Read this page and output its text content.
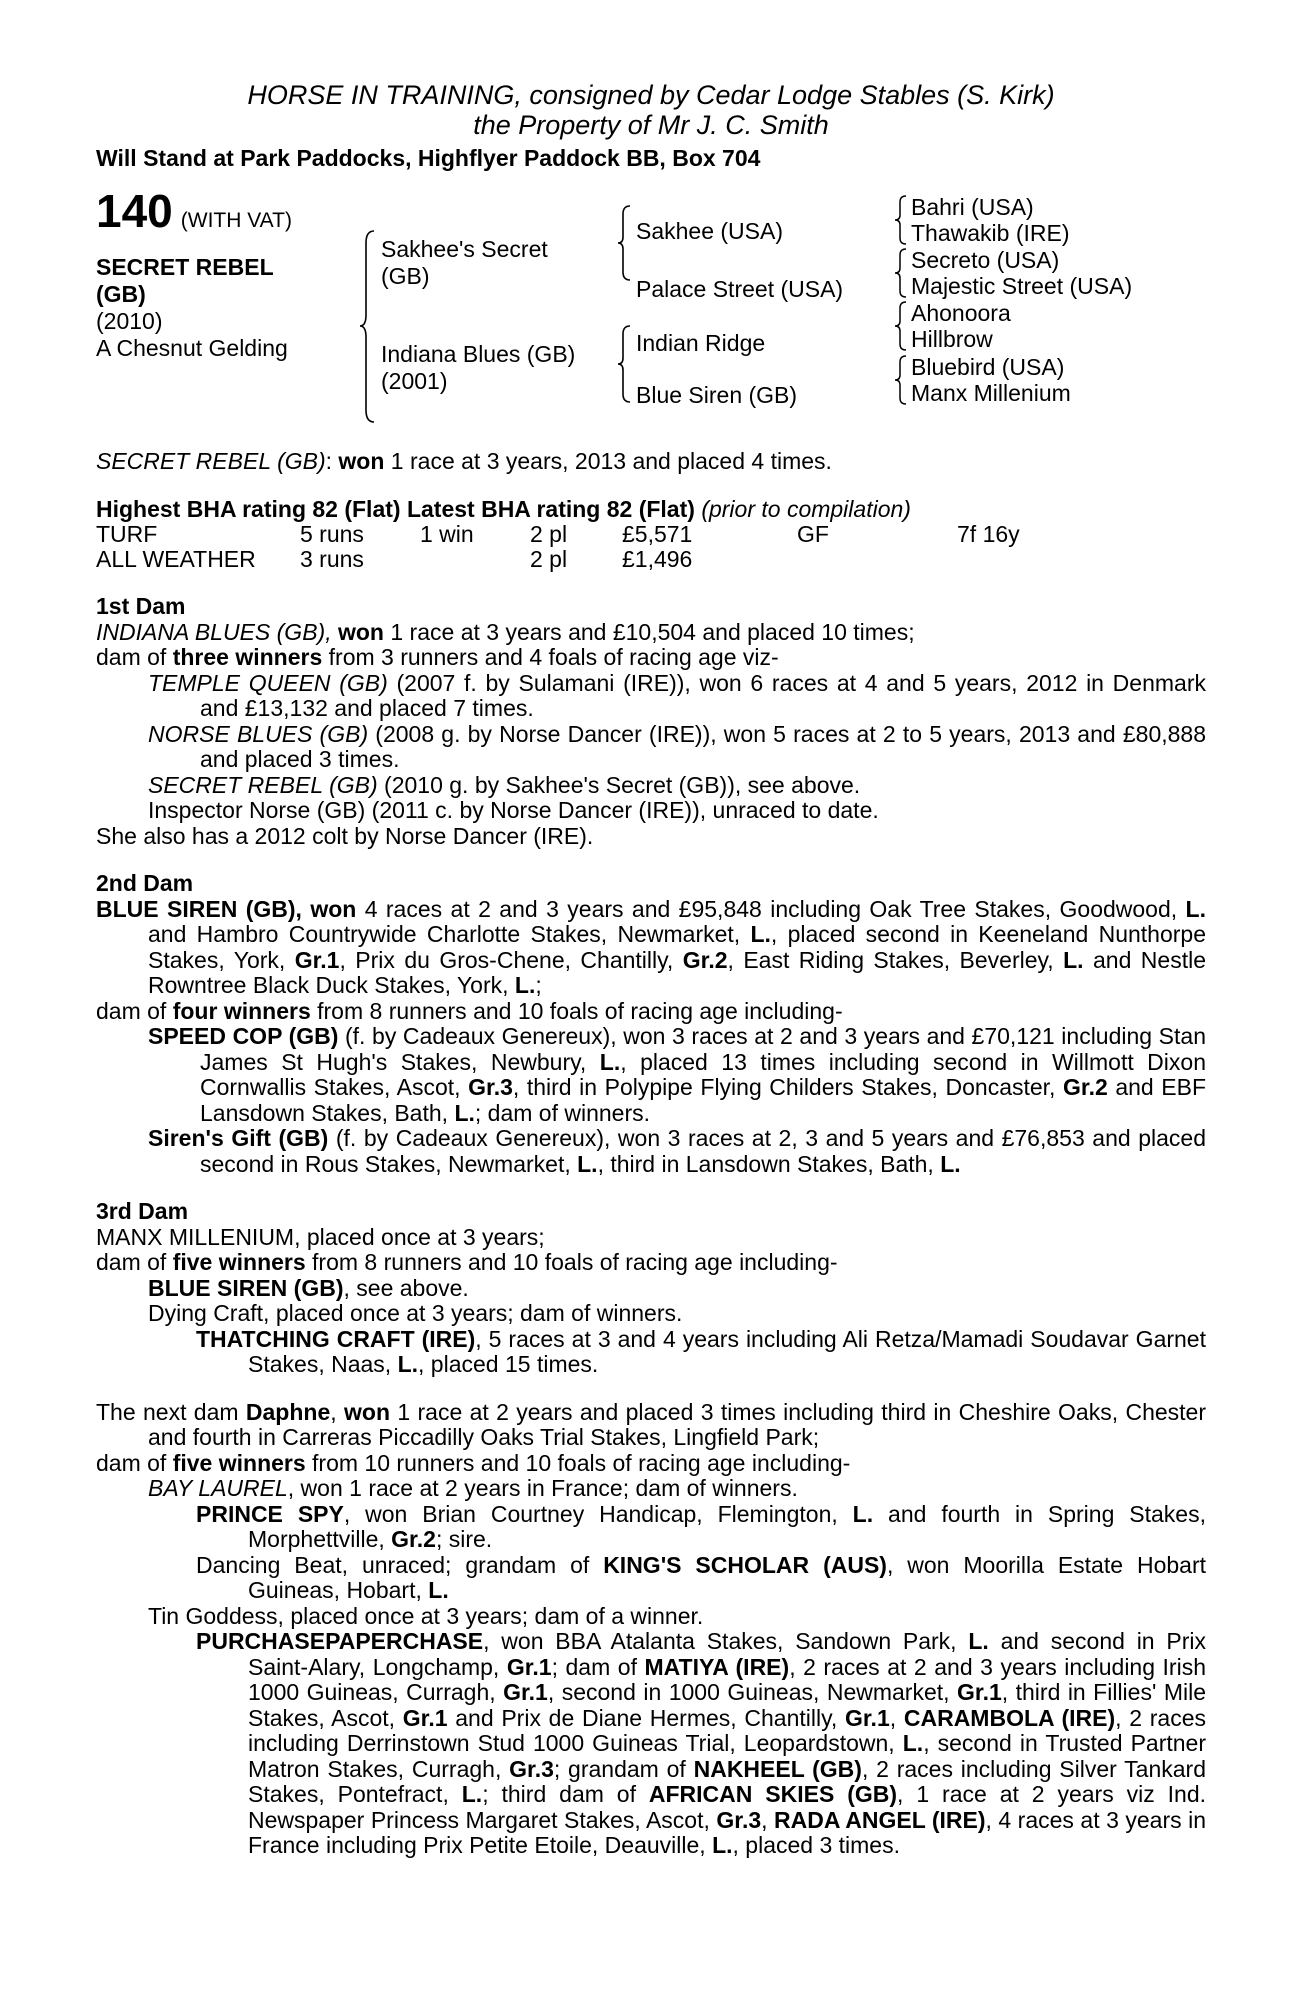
HORSE IN TRAINING, consigned by Cedar Lodge Stables (S. Kirk)
the Property of Mr J. C. Smith
Will Stand at Park Paddocks, Highflyer Paddock BB, Box 704
140 (WITH VAT)
SECRET REBEL
(GB)
(2010)
A Chesnut Gelding
Sakhee's Secret
(GB)
Indiana Blues (GB)
(2001)
Sakhee (USA)
Palace Street (USA)
Indian Ridge
Blue Siren (GB)
Bahri (USA)
Thawakib (IRE)
Secreto (USA)
Majestic Street (USA)
Ahonoora
Hillbrow
Bluebird (USA)
Manx Millenium

SECRET REBEL (GB): won 1 race at 3 years, 2013 and placed 4 times.

Highest BHA rating 82 (Flat) Latest BHA rating 82 (Flat) (prior to compilation)

TURF	5 runs	1 win	2 pl	£5,571	GF	7f 16y
ALL WEATHER	3 runs	2 pl	£1,496

1st Dam

INDIANA BLUES (GB), won 1 race at 3 years and £10,504 and placed 10 times;

dam of three winners from 3 runners and 4 foals of racing age viz-

TEMPLE QUEEN (GB) (2007 f. by Sulamani (IRE)), won 6 races at 4 and 5 years, 2012 in Denmark and £13,132 and placed 7 times.

NORSE BLUES (GB) (2008 g. by Norse Dancer (IRE)), won 5 races at 2 to 5 years, 2013 and £80,888 and placed 3 times.

SECRET REBEL (GB) (2010 g. by Sakhee's Secret (GB)), see above.

Inspector Norse (GB) (2011 c. by Norse Dancer (IRE)), unraced to date.

She also has a 2012 colt by Norse Dancer (IRE).

2nd Dam

BLUE SIREN (GB), won 4 races at 2 and 3 years and £95,848 including Oak Tree Stakes, Goodwood, L. and Hambro Countrywide Charlotte Stakes, Newmarket, L., placed second in Keeneland Nunthorpe Stakes, York, Gr.1, Prix du Gros-Chene, Chantilly, Gr.2, East Riding Stakes, Beverley, L. and Nestle Rowntree Black Duck Stakes, York, L.;

dam of four winners from 8 runners and 10 foals of racing age including-

SPEED COP (GB) (f. by Cadeaux Genereux), won 3 races at 2 and 3 years and £70,121 including Stan James St Hugh's Stakes, Newbury, L., placed 13 times including second in Willmott Dixon Cornwallis Stakes, Ascot, Gr.3, third in Polypipe Flying Childers Stakes, Doncaster, Gr.2 and EBF Lansdown Stakes, Bath, L.; dam of winners.

Siren's Gift (GB) (f. by Cadeaux Genereux), won 3 races at 2, 3 and 5 years and £76,853 and placed second in Rous Stakes, Newmarket, L., third in Lansdown Stakes, Bath, L.

3rd Dam

MANX MILLENIUM, placed once at 3 years;

dam of five winners from 8 runners and 10 foals of racing age including-

BLUE SIREN (GB), see above.

Dying Craft, placed once at 3 years; dam of winners.

THATCHING CRAFT (IRE), 5 races at 3 and 4 years including Ali Retza/Mamadi Soudavar Garnet Stakes, Naas, L., placed 15 times.

The next dam Daphne, won 1 race at 2 years and placed 3 times including third in Cheshire Oaks, Chester and fourth in Carreras Piccadilly Oaks Trial Stakes, Lingfield Park;

dam of five winners from 10 runners and 10 foals of racing age including-

BAY LAUREL, won 1 race at 2 years in France; dam of winners.

PRINCE SPY, won Brian Courtney Handicap, Flemington, L. and fourth in Spring Stakes, Morphettville, Gr.2; sire.

Dancing Beat, unraced; grandam of KING'S SCHOLAR (AUS), won Moorilla Estate Hobart Guineas, Hobart, L.

Tin Goddess, placed once at 3 years; dam of a winner.

PURCHASEPAPERCHASE, won BBA Atalanta Stakes, Sandown Park, L. and second in Prix Saint-Alary, Longchamp, Gr.1; dam of MATIYA (IRE), 2 races at 2 and 3 years including Irish 1000 Guineas, Curragh, Gr.1, second in 1000 Guineas, Newmarket, Gr.1, third in Fillies' Mile Stakes, Ascot, Gr.1 and Prix de Diane Hermes, Chantilly, Gr.1, CARAMBOLA (IRE), 2 races including Derrinstown Stud 1000 Guineas Trial, Leopardstown, L., second in Trusted Partner Matron Stakes, Curragh, Gr.3; grandam of NAKHEEL (GB), 2 races including Silver Tankard Stakes, Pontefract, L.; third dam of AFRICAN SKIES (GB), 1 race at 2 years viz Ind. Newspaper Princess Margaret Stakes, Ascot, Gr.3, RADA ANGEL (IRE), 4 races at 3 years in France including Prix Petite Etoile, Deauville, L., placed 3 times.
